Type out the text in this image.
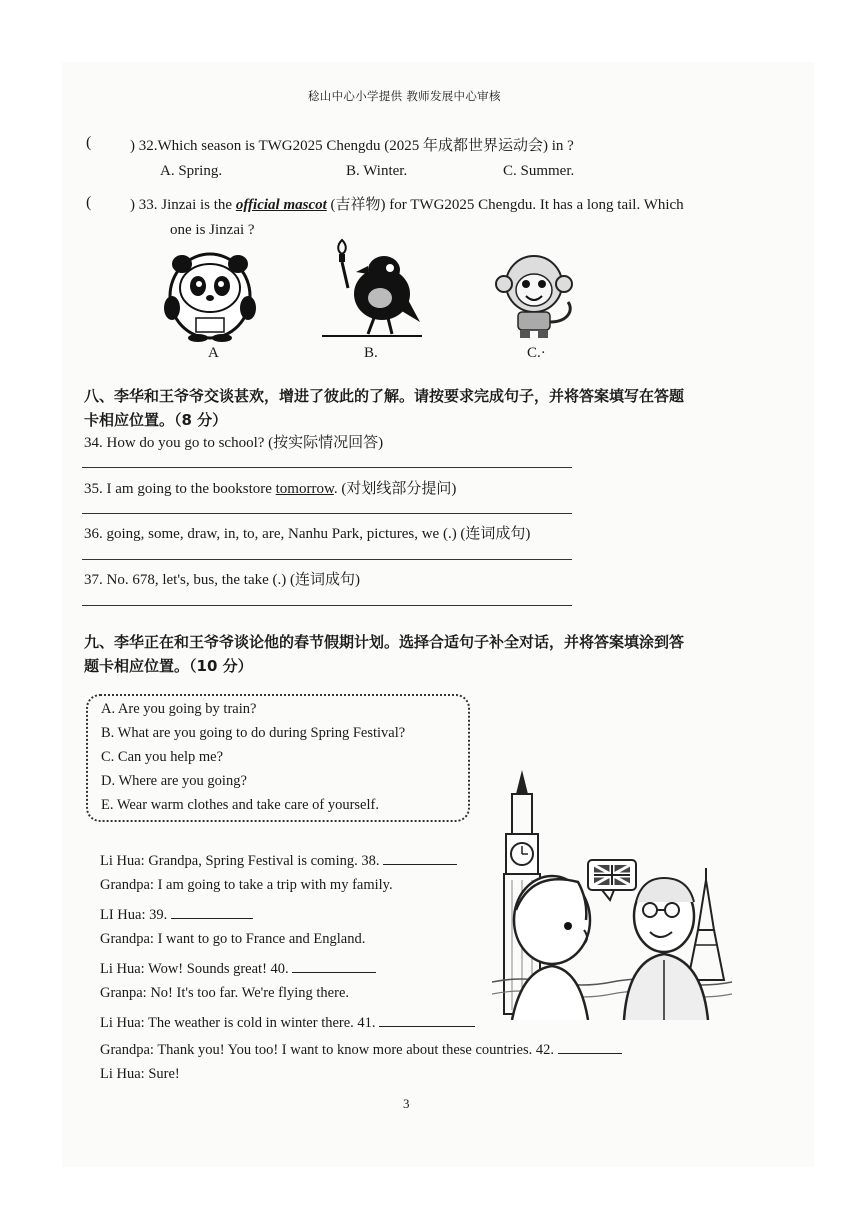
稔山中心小学提供 教师发展中心审核
(	) 32.Which season is TWG2025 Chengdu (2025 年成都世界运动会) in ?
A. Spring.	B. Winter.	C. Summer.
(	) 33. Jinzai is the official mascot (吉祥物) for TWG2025 Chengdu. It has a long tail. Which
one is Jinzai ?
A	B.	C.·
八、李华和王爷爷交谈甚欢，增进了彼此的了解。请按要求完成句子，并将答案填写在答题
卡相应位置。（8 分）
34. How do you go to school? (按实际情况回答)
35. I am going to the bookstore tomorrow. (对划线部分提问)
36. going, some, draw, in, to, are, Nanhu Park, pictures, we (.) (连词成句)
37. No. 678, let's, bus, the take (.) (连词成句)
九、李华正在和王爷爷谈论他的春节假期计划。选择合适句子补全对话，并将答案填涂到答
题卡相应位置。（10 分）
A. Are you going by train?
B. What are you going to do during Spring Festival?
C. Can you help me?
D. Where are you going?
E. Wear warm clothes and take care of yourself.
Li Hua: Grandpa, Spring Festival is coming. 38.
Grandpa: I am going to take a trip with my family.
LI Hua: 39.
Grandpa: I want to go to France and England.
Li Hua: Wow! Sounds great! 40.
Granpa: No! It's too far. We're flying there.
Li Hua: The weather is cold in winter there. 41.
Grandpa: Thank you! You too! I want to know more about these countries. 42.
Li Hua: Sure!
3
